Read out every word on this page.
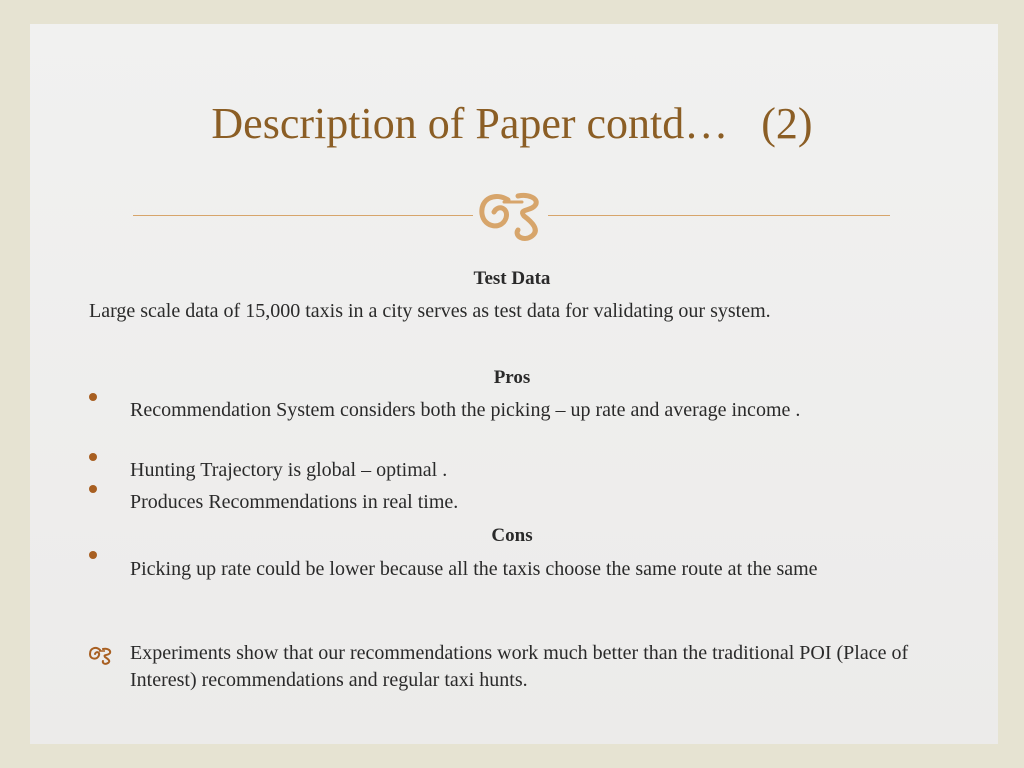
Description of Paper contd…   (2)
Test Data
Large scale data of 15,000 taxis in a city serves as test data for validating our system.
Pros
Recommendation System considers both the picking – up rate and average income .
Hunting Trajectory is global – optimal .
Produces Recommendations in real time.
Cons
Picking up rate could be lower because all the taxis choose the same route at the same
Experiments show that our recommendations work much better than the traditional POI (Place of Interest) recommendations and regular taxi hunts.
